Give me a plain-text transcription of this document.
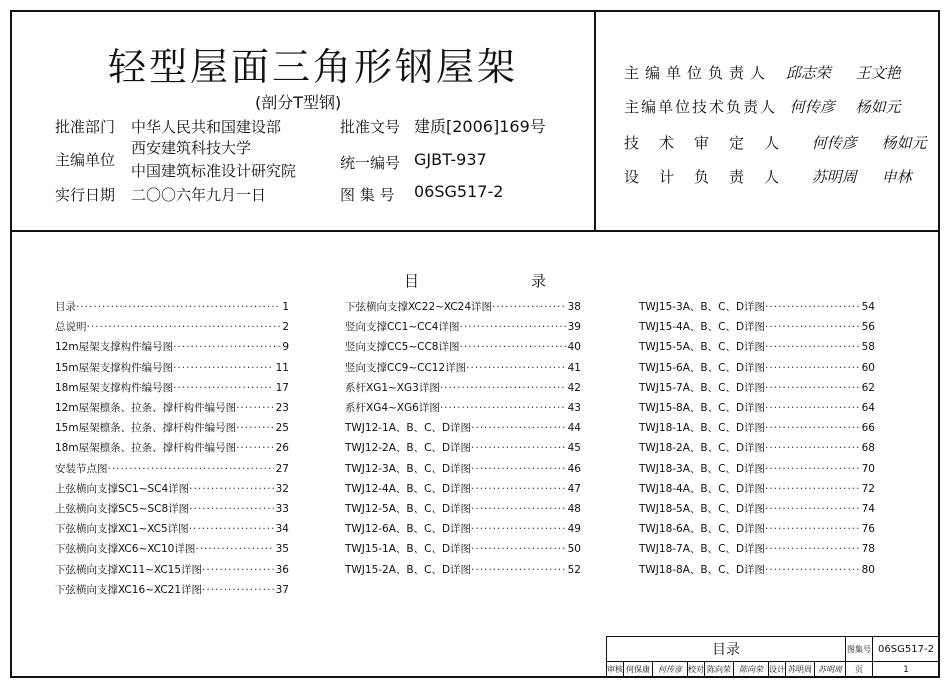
轻型屋面三角形钢屋架
(剖分T型钢)
批准部门 中华人民共和国建设部
主编单位
西安建筑科技大学
中国建筑标准设计研究院
实行日期 二〇〇六年九月一日
批准文号 建质[2006]169号
统一编号 GJBT-937
图 集 号 06SG517-2
主编单位负责人 邱志荣 王文艳
主编单位技术负责人 何传彦 杨如元
技术审定人 何传彦 杨如元
设计负责人 苏明周 申林
目	录
目录 ·····	1
总说明 ·····	2
12m屋架支撑构件编号图 ·····	9
15m屋架支撑构件编号图 ·····	11
18m屋架支撑构件编号图 ·····	17
12m屋架檩条、拉条、撑杆构件编号图 ·····	23
15m屋架檩条、拉条、撑杆构件编号图 ·····	25
18m屋架檩条、拉条、撑杆构件编号图 ·····	26
安装节点图 ·····	27
上弦横向支撑SC1~SC4详图 ·····	32
上弦横向支撑SC5~SC8详图 ·····	33
下弦横向支撑XC1~XC5详图 ·····	34
下弦横向支撑XC6~XC10详图 ·····	35
下弦横向支撑XC11~XC15详图 ·····	36
下弦横向支撑XC16~XC21详图 ·····	37
下弦横向支撑XC22~XC24详图 ·····	38
竖向支撑CC1~CC4详图 ·····	39
竖向支撑CC5~CC8详图 ·····	40
竖向支撑CC9~CC12详图 ·····	41
系杆XG1~XG3详图 ·····	42
系杆XG4~XG6详图 ·····	43
TWJ12-1A、B、C、D详图 ·····	44
TWJ12-2A、B、C、D详图 ·····	45
TWJ12-3A、B、C、D详图 ·····	46
TWJ12-4A、B、C、D详图 ·····	47
TWJ12-5A、B、C、D详图 ·····	48
TWJ12-6A、B、C、D详图 ·····	49
TWJ15-1A、B、C、D详图 ·····	50
TWJ15-2A、B、C、D详图 ·····	52
TWJ15-3A、B、C、D详图 ·····	54
TWJ15-4A、B、C、D详图 ·····	56
TWJ15-5A、B、C、D详图 ·····	58
TWJ15-6A、B、C、D详图 ·····	60
TWJ15-7A、B、C、D详图 ·····	62
TWJ15-8A、B、C、D详图 ·····	64
TWJ18-1A、B、C、D详图 ·····	66
TWJ18-2A、B、C、D详图 ·····	68
TWJ18-3A、B、C、D详图 ·····	70
TWJ18-4A、B、C、D详图 ·····	72
TWJ18-5A、B、C、D详图 ·····	74
TWJ18-6A、B、C、D详图 ·····	76
TWJ18-7A、B、C、D详图 ·····	78
TWJ18-8A、B、C、D详图 ·····	80
目录	图集号 06SG517-2
审核 何保康	何传彦 校对 陈向荣	陈向荣 设计 苏明周 苏明周	页	1
